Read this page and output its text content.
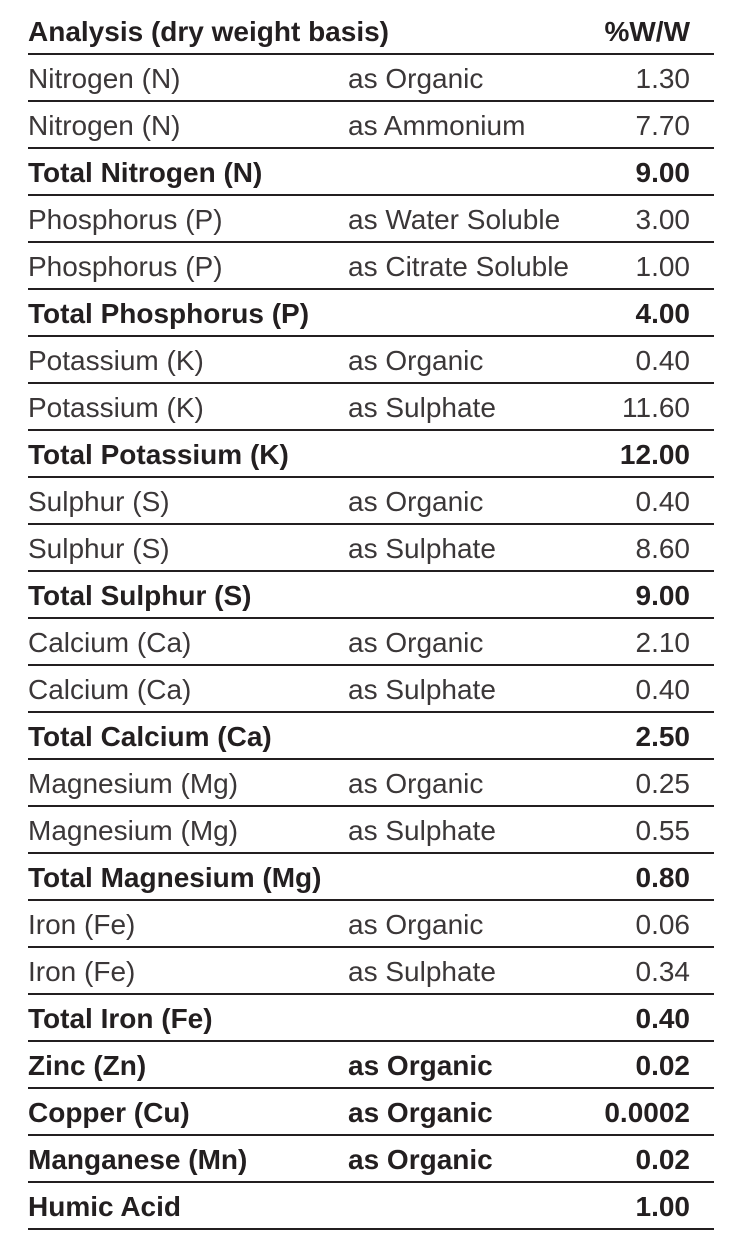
Analysis (dry weight basis)	%W/W
Nitrogen (N)	as Organic	1.30
Nitrogen (N)	as Ammonium	7.70
Total Nitrogen (N)	9.00
Phosphorus (P)	as Water Soluble	3.00
Phosphorus (P)	as Citrate Soluble 1.00
Total Phosphorus (P)	4.00
Potassium (K)	as Organic	0.40
Potassium (K)	as Sulphate	11.60
Total Potassium (K)	12.00
Sulphur (S)	as Organic	0.40
Sulphur (S)	as Sulphate	8.60
Total Sulphur (S)	9.00
Calcium (Ca)	as Organic	2.10
Calcium (Ca)	as Sulphate	0.40
Total Calcium (Ca)	2.50
Magnesium (Mg)	as Organic	0.25
Magnesium (Mg)	as Sulphate	0.55
Total Magnesium (Mg)	0.80
Iron (Fe)	as Organic	0.06
Iron (Fe)	as Sulphate	0.34
Total Iron (Fe)	0.40
Zinc (Zn)	as Organic	0.02
Copper (Cu)	as Organic	0.0002
Manganese (Mn)	as Organic	0.02
Humic Acid	1.00
